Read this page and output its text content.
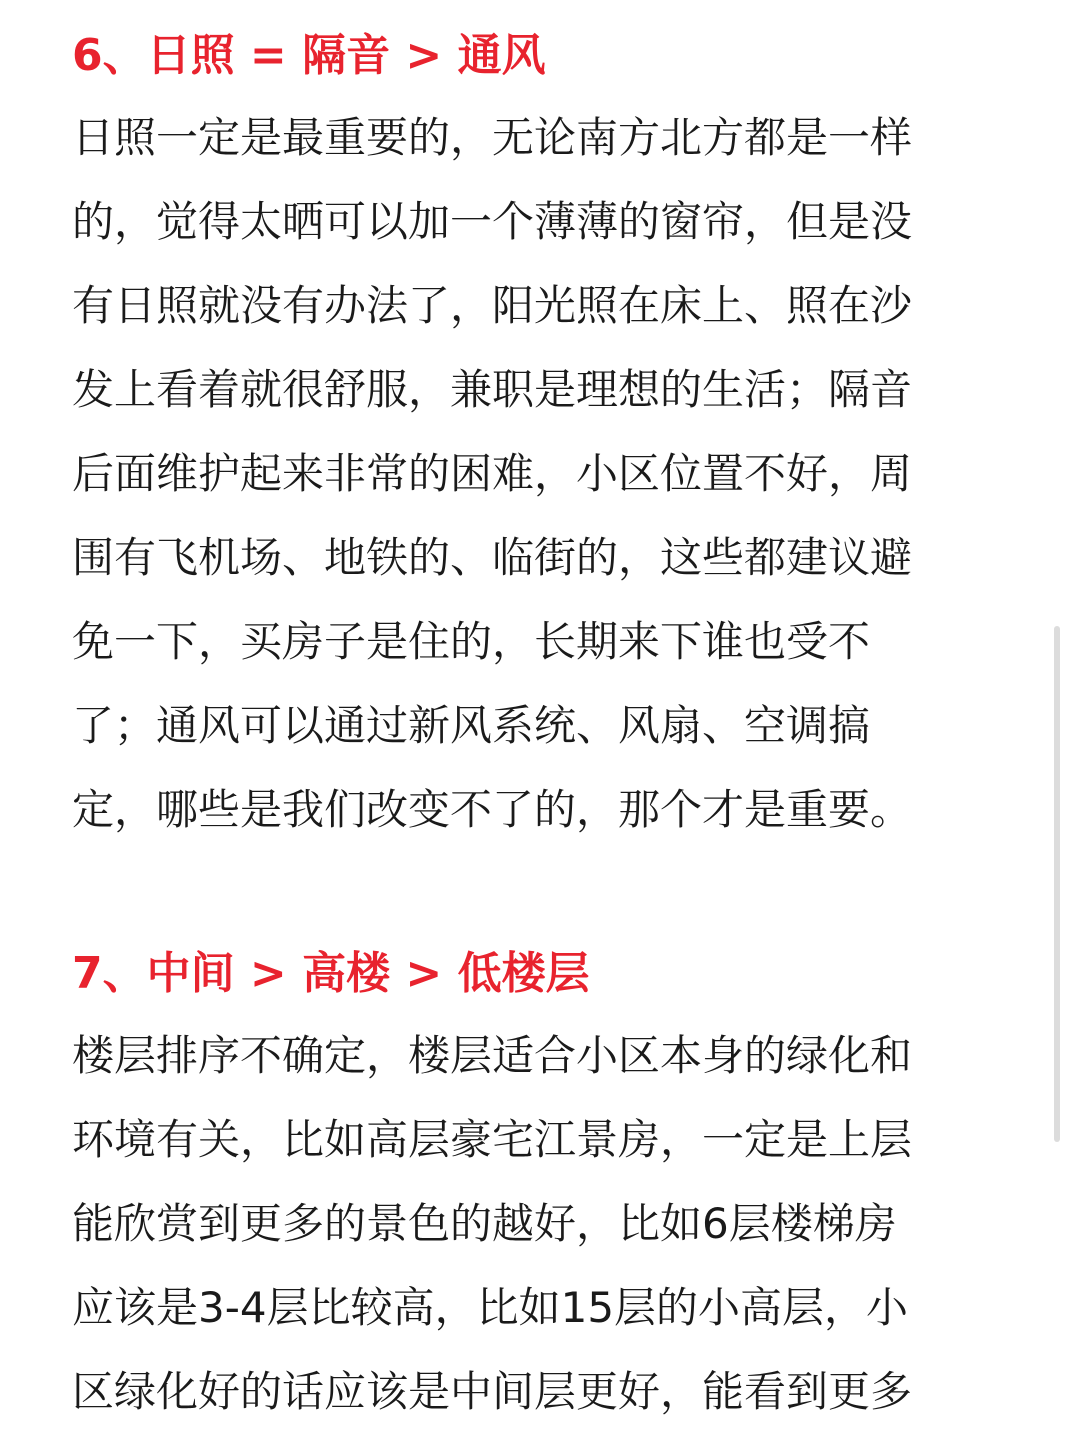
6、日照 = 隔音 > 通风
日照一定是最重要的，无论南方北方都是一样
的，觉得太晒可以加一个薄薄的窗帘，但是没
有日照就没有办法了，阳光照在床上、照在沙
发上看着就很舒服，兼职是理想的生活；隔音
后面维护起来非常的困难，小区位置不好，周
围有飞机场、地铁的、临街的，这些都建议避
免一下，买房子是住的，长期来下谁也受不
了；通风可以通过新风系统、风扇、空调搞
定，哪些是我们改变不了的，那个才是重要。
7、中间 > 高楼 > 低楼层
楼层排序不确定，楼层适合小区本身的绿化和
环境有关，比如高层豪宅江景房，一定是上层
能欣赏到更多的景色的越好，比如6层楼梯房
应该是3-4层比较高，比如15层的小高层，小
区绿化好的话应该是中间层更好，能看到更多
